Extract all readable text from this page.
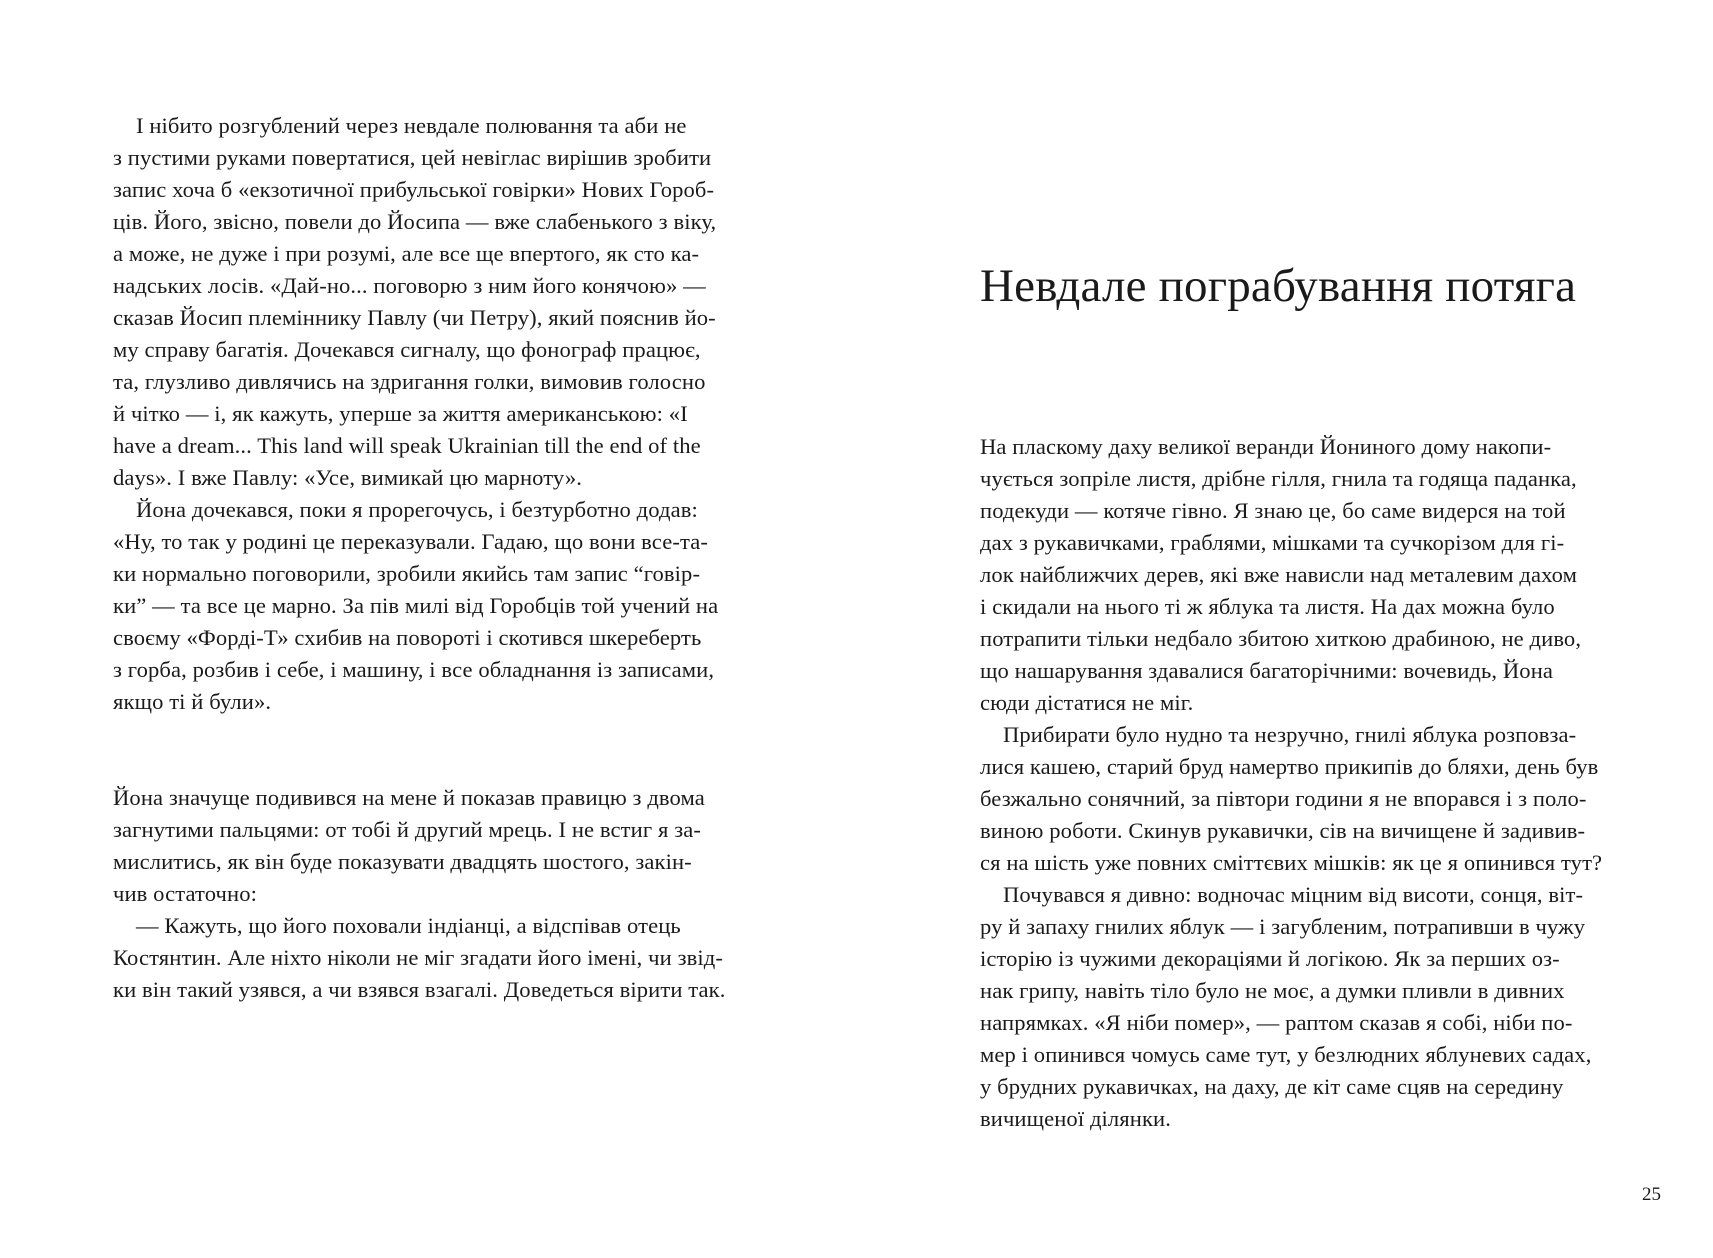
І нібито розгублений через невдале полювання та аби не
з пустими руками повертатися, цей невіглас вирішив зробити
запис хоча б «екзотичної прибульської говірки» Нових Гороб-
ців. Його, звісно, повели до Йосипа — вже слабенького з віку,
а може, не дуже і при розумі, але все ще впертого, як сто ка-
надських лосів. «Дай-но... поговорю з ним його конячою» —
сказав Йосип племіннику Павлу (чи Петру), який пояснив йо-
му справу багатія. Дочекався сигналу, що фонограф працює,
та, глузливо дивлячись на здригання голки, вимовив голосно
й чітко — і, як кажуть, уперше за життя американською: «I
have a dream... This land will speak Ukrainian till the end of the
days». І вже Павлу: «Усе, вимикай цю марноту».
Йона дочекався, поки я прорегочусь, і безтурботно додав:
«Ну, то так у родині це переказували. Гадаю, що вони все-та-
ки нормально поговорили, зробили якийсь там запис “говір-
ки” — та все це марно. За пів милі від Горобців той учений на
своєму «Форді-Т» схибив на повороті і скотився шкереберть
з горба, розбив і себе, і машину, і все обладнання із записами,
якщо ті й були».
Йона значуще подивився на мене й показав правицю з двома
загнутими пальцями: от тобі й другий мрець. І не встиг я за-
мислитись, як він буде показувати двадцять шостого, закін-
чив остаточно:
— Кажуть, що його поховали індіанці, а відспівав отець
Костянтин. Але ніхто ніколи не міг згадати його імені, чи звід-
ки він такий узявся, а чи взявся взагалі. Доведеться вірити так.
Невдале пограбування потяга
На пласкому даху великої веранди Йониного дому накопи-
чується зопріле листя, дрібне гілля, гнила та годяща паданка,
подекуди — котяче гівно. Я знаю це, бо саме видерся на той
дах з рукавичками, граблями, мішками та сучкорізом для гі-
лок найближчих дерев, які вже нависли над металевим дахом
і скидали на нього ті ж яблука та листя. На дах можна було
потрапити тільки недбало збитою хиткою драбиною, не диво,
що нашарування здавалися багаторічними: вочевидь, Йона
сюди дістатися не міг.
Прибирати було нудно та незручно, гнилі яблука розповза-
лися кашею, старий бруд намертво прикипів до бляхи, день був
безжально сонячний, за півтори години я не впорався і з поло-
виною роботи. Скинув рукавички, сів на вичищене й задивив-
ся на шість уже повних сміттєвих мішків: як це я опинився тут?
Почувався я дивно: водночас міцним від висоти, сонця, віт-
ру й запаху гнилих яблук — і загубленим, потрапивши в чужу
історію із чужими декораціями й логікою. Як за перших оз-
нак грипу, навіть тіло було не моє, а думки пливли в дивних
напрямках. «Я ніби помер», — раптом сказав я собі, ніби по-
мер і опинився чомусь саме тут, у безлюдних яблуневих садах,
у брудних рукавичках, на даху, де кіт саме сцяв на середину
вичищеної ділянки.
25
